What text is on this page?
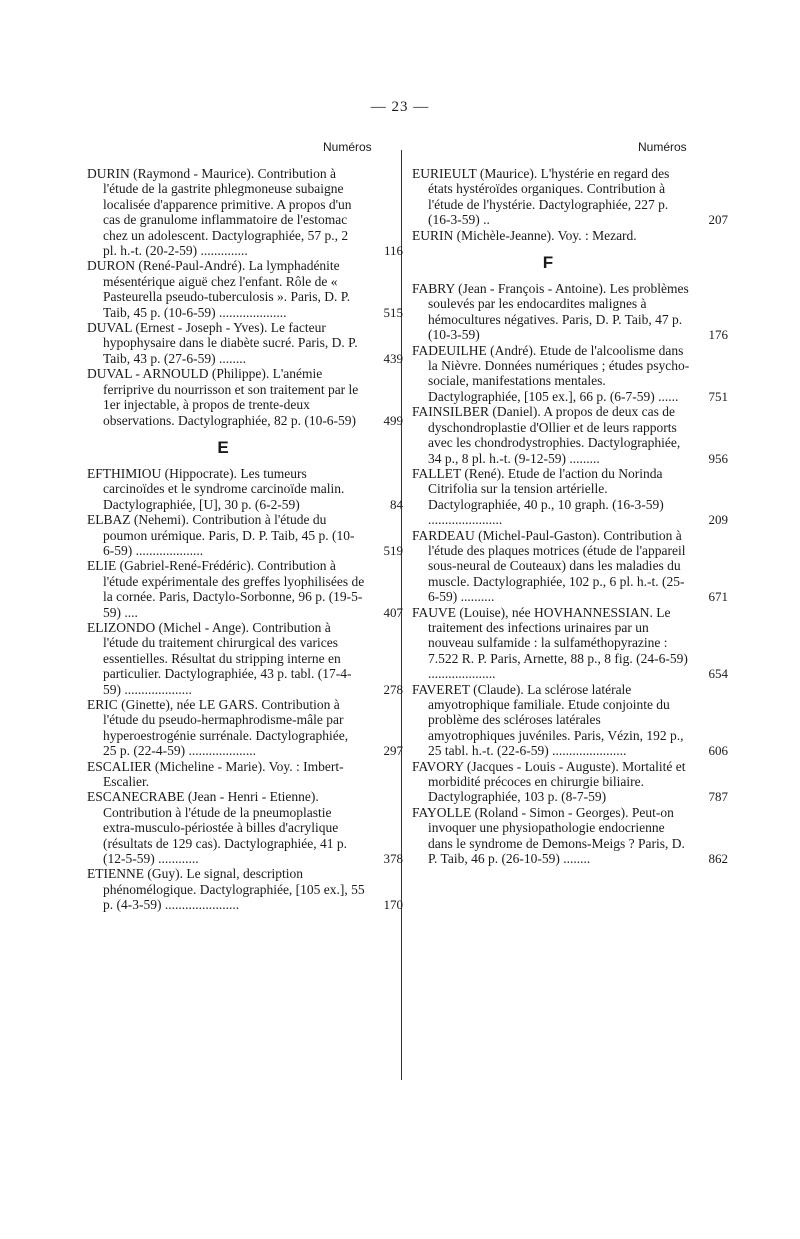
— 23 —
Numéros
DURIN (Raymond - Maurice). Contribution à l'étude de la gastrite phlegmoneuse subaigne localisée d'apparence primitive. A propos d'un cas de granulome inflammatoire de l'estomac chez un adolescent. Dactylographiée, 57 p., 2 pl. h.-t. (20-2-59) ..............	116
DURON (René-Paul-André). La lymphadénite mésentérique aiguë chez l'enfant. Rôle de « Pasteurella pseudo-tuberculosis ». Paris, D. P. Taib, 45 p. (10-6-59) ....................	515
DUVAL (Ernest - Joseph - Yves). Le facteur hypophysaire dans le diabète sucré. Paris, D. P. Taib, 43 p. (27-6-59) ........	439
DUVAL - ARNOULD (Philippe). L'anémie ferriprive du nourrisson et son traitement par le 1er injectable, à propos de trente-deux observations. Dactylographiée, 82 p. (10-6-59) 499
E
EFTHIMIOU (Hippocrate). Les tumeurs carcinoïdes et le syndrome carcinoïde malin. Dactylographiée, [U], 30 p. (6-2-59)	84
ELBAZ (Nehemi). Contribution à l'étude du poumon urémique. Paris, D. P. Taib, 45 p. (10-6-59) ....................	519
ELIE (Gabriel-René-Frédéric). Contribution à l'étude expérimentale des greffes lyophilisées de la cornée. Paris, Dactylo-Sorbonne, 96 p. (19-5-59) ....	407
ELIZONDO (Michel - Ange). Contribution à l'étude du traitement chirurgical des varices essentielles. Résultat du stripping interne en particulier. Dactylographiée, 43 p. tabl. (17-4-59) ....................	278
ERIC (Ginette), née LE GARS. Contribution à l'étude du pseudo-hermaphrodisme-mâle par hyperoestrogénie surrénale. Dactylographiée, 25 p. (22-4-59) ....................	297
ESCALIER (Micheline - Marie). Voy. : Imbert-Escalier.
ESCANECRABE (Jean - Henri - Etienne). Contribution à l'étude de la pneumoplastie extra-musculo-périostée à billes d'acrylique (résultats de 129 cas). Dactylographiée, 41 p. (12-5-59) ............	378
ETIENNE (Guy). Le signal, description phénomélogique. Dactylographiée, [105 ex.], 55 p. (4-3-59) ......................	170
Numéros
EURIEULT (Maurice). L'hystérie en regard des états hystéroïdes organiques. Contribution à l'étude de l'hystérie. Dactylographiée, 227 p. (16-3-59) ..	207
EURIN (Michèle-Jeanne). Voy. : Mezard.
F
FABRY (Jean - François - Antoine). Les problèmes soulevés par les endocardites malignes à hémocultures négatives. Paris, D. P. Taib, 47 p. (10-3-59)	176
FADEUILHE (André). Etude de l'alcoolisme dans la Nièvre. Données numériques ; études psycho-sociale, manifestations mentales. Dactylographiée, [105 ex.], 66 p. (6-7-59) ...... 751
FAINSILBER (Daniel). A propos de deux cas de dyschondroplastie d'Ollier et de leurs rapports avec les chondrodystrophies. Dactylographiée, 34 p., 8 pl. h.-t. (9-12-59) .........	956
FALLET (René). Etude de l'action du Norinda Citrifolia sur la tension artérielle. Dactylographiée, 40 p., 10 graph. (16-3-59) ......................	209
FARDEAU (Michel-Paul-Gaston). Contribution à l'étude des plaques motrices (étude de l'appareil sous-neural de Couteaux) dans les maladies du muscle. Dactylographiée, 102 p., 6 pl. h.-t. (25-6-59) ..........	671
FAUVE (Louise), née HOVHANNESSIAN. Le traitement des infections urinaires par un nouveau sulfamide : la sulfaméthopyrazine : 7.522 R. P. Paris, Arnette, 88 p., 8 fig. (24-6-59) ....................	654
FAVERET (Claude). La sclérose latérale amyotrophique familiale. Etude conjointe du problème des scléroses latérales amyotrophiques juvéniles. Paris, Vézin, 192 p., 25 tabl. h.-t. (22-6-59) ......................	606
FAVORY (Jacques - Louis - Auguste). Mortalité et morbidité précoces en chirurgie biliaire. Dactylographiée, 103 p. (8-7-59)	787
FAYOLLE (Roland - Simon - Georges). Peut-on invoquer une physiopathologie endocrienne dans le syndrome de Demons-Meigs ? Paris, D. P. Taib, 46 p. (26-10-59) ........	862
